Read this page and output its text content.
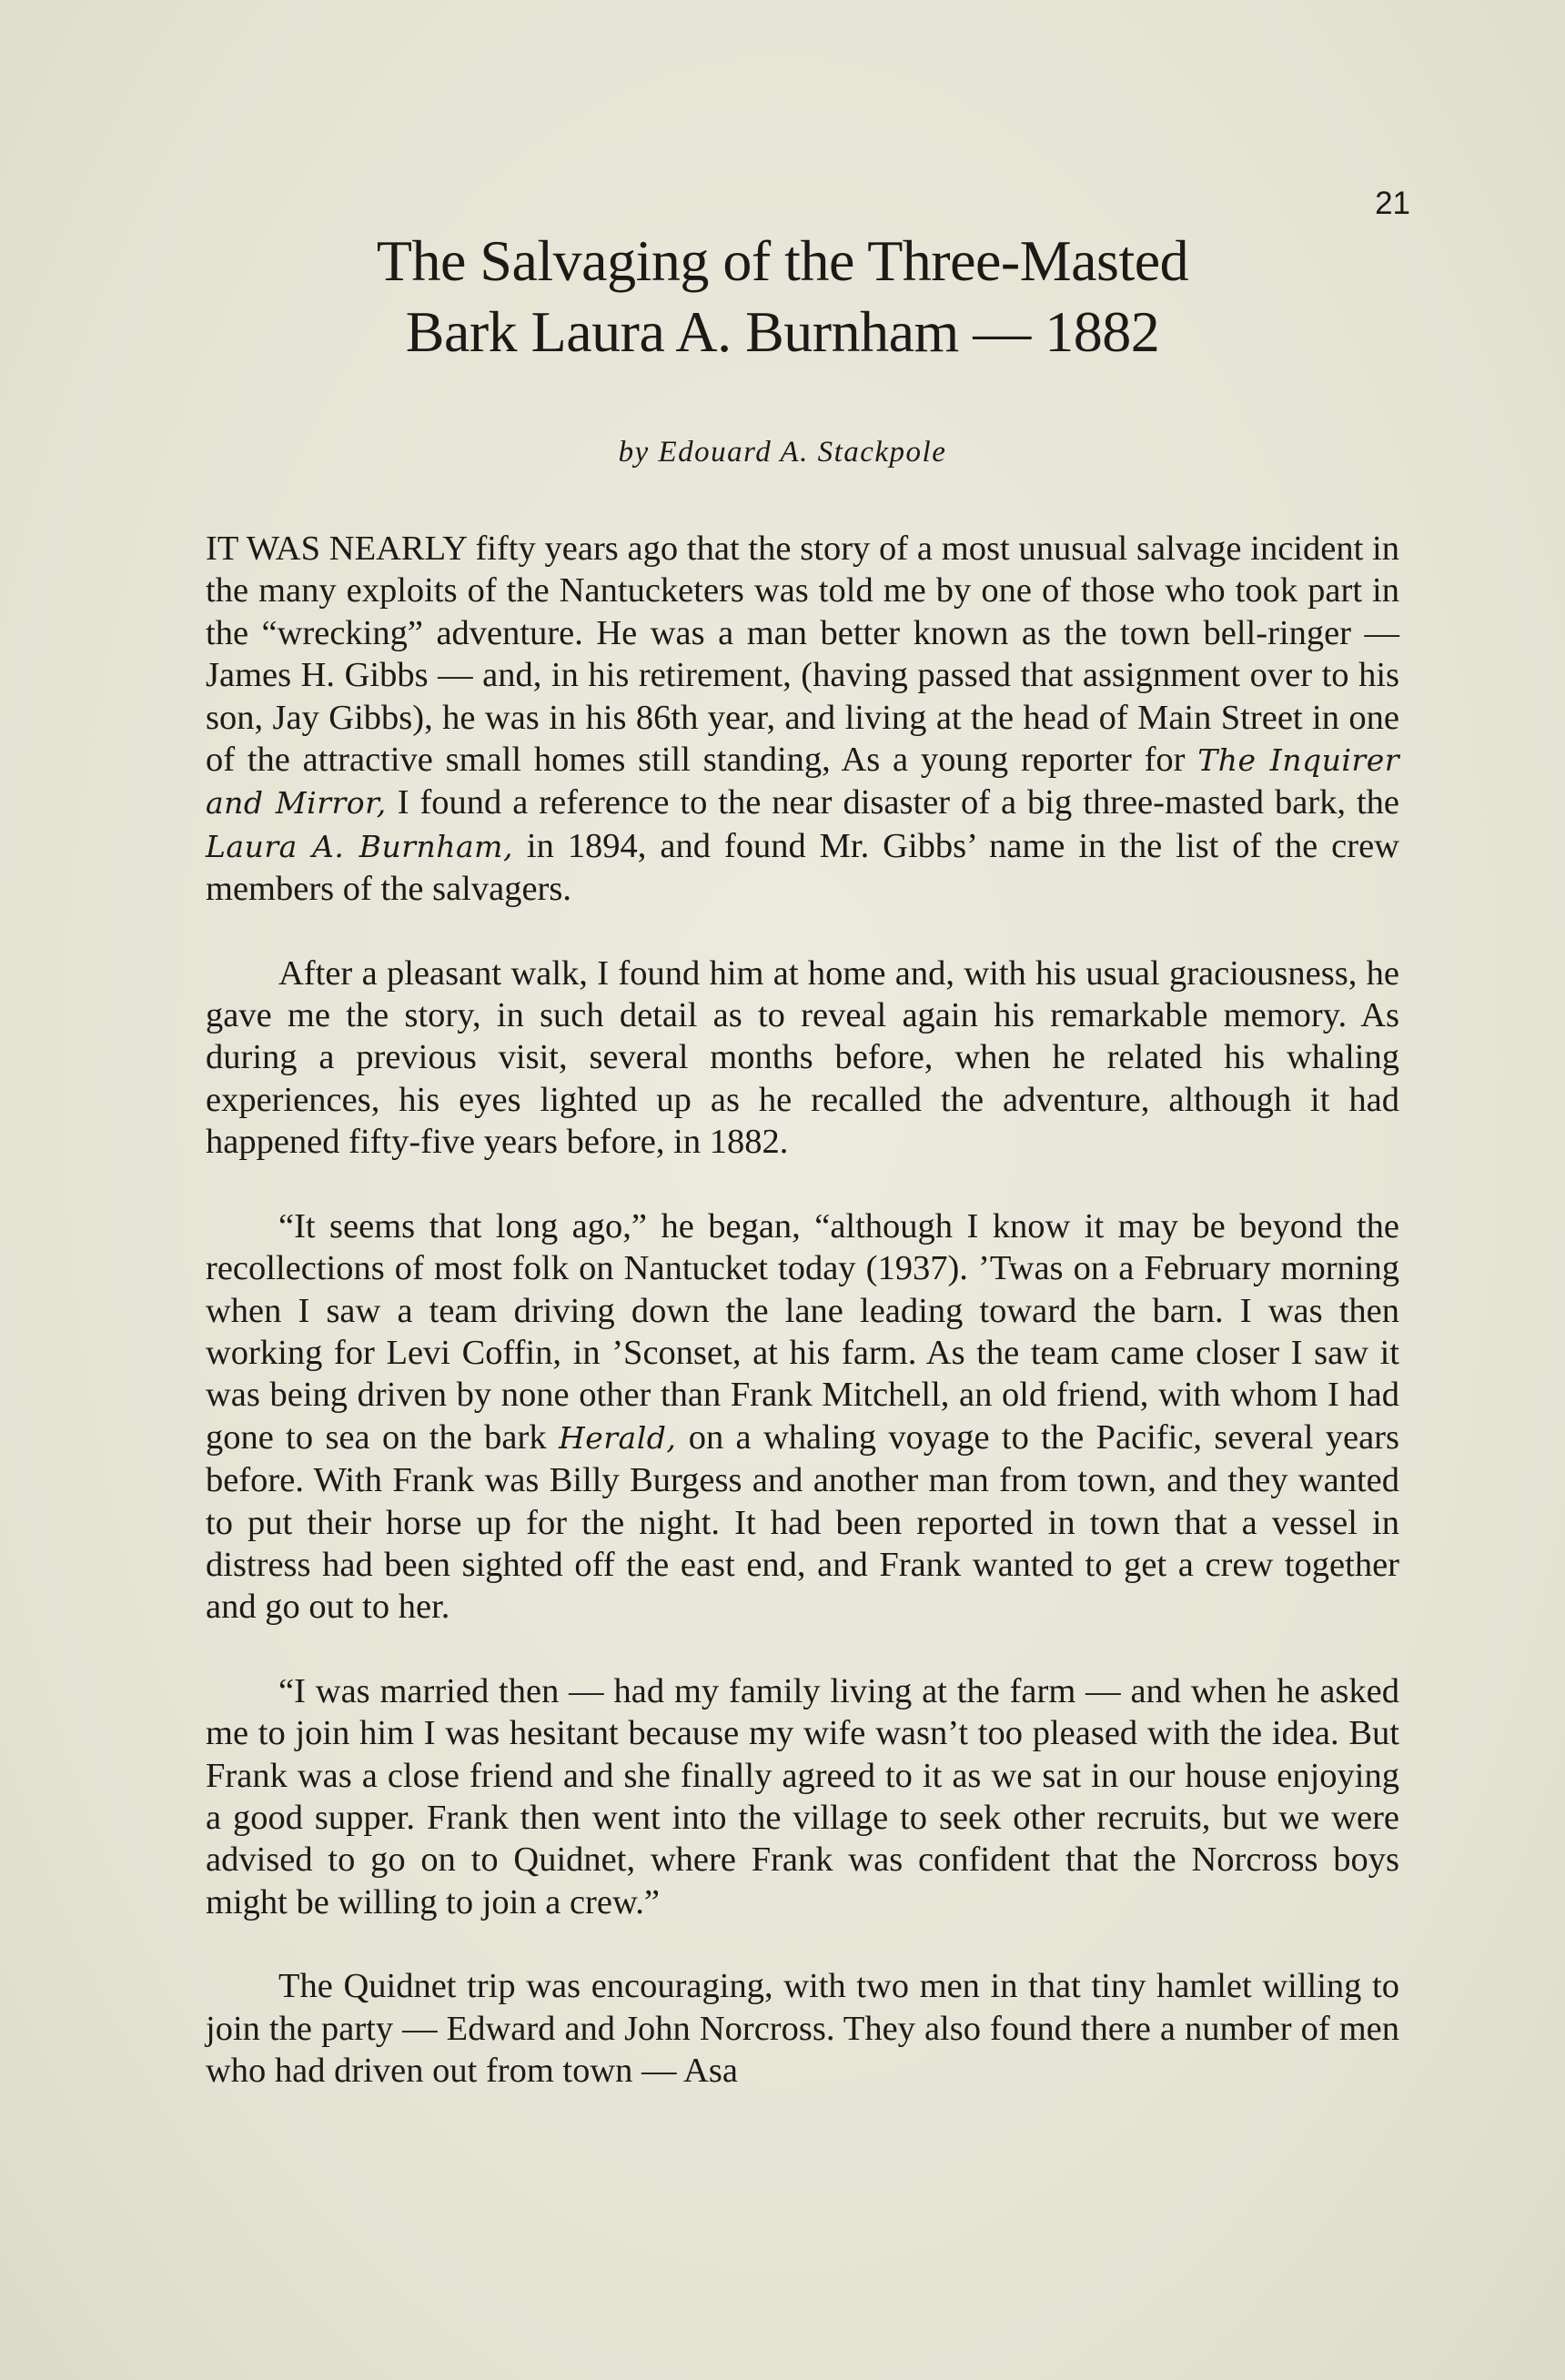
21
The Salvaging of the Three-Masted
Bark Laura A. Burnham — 1882
by Edouard A. Stackpole

IT WAS NEARLY fifty years ago that the story of a most unusual salvage incident in the many exploits of the Nantucketers was told me by one of those who took part in the “wrecking” adventure. He was a man better known as the town bell-ringer — James H. Gibbs — and, in his retirement, (having passed that assignment over to his son, Jay Gibbs), he was in his 86th year, and living at the head of Main Street in one of the attractive small homes still standing, As a young reporter for The Inquirer and Mirror, I found a reference to the near disaster of a big three-masted bark, the Laura A. Burnham, in 1894, and found Mr. Gibbs’ name in the list of the crew members of the salvagers.

After a pleasant walk, I found him at home and, with his usual graciousness, he gave me the story, in such detail as to reveal again his remarkable memory. As during a previous visit, several months before, when he related his whaling experiences, his eyes lighted up as he recalled the adventure, although it had happened fifty-five years before, in 1882.

“It seems that long ago,” he began, “although I know it may be beyond the recollections of most folk on Nantucket today (1937). ’Twas on a February morning when I saw a team driving down the lane leading toward the barn. I was then working for Levi Coffin, in ’Sconset, at his farm. As the team came closer I saw it was being driven by none other than Frank Mitchell, an old friend, with whom I had gone to sea on the bark Herald, on a whaling voyage to the Pacific, several years before. With Frank was Billy Burgess and another man from town, and they wanted to put their horse up for the night. It had been reported in town that a vessel in distress had been sighted off the east end, and Frank wanted to get a crew together and go out to her.

“I was married then — had my family living at the farm — and when he asked me to join him I was hesitant because my wife wasn’t too pleased with the idea. But Frank was a close friend and she finally agreed to it as we sat in our house enjoying a good supper. Frank then went into the village to seek other recruits, but we were advised to go on to Quidnet, where Frank was confident that the Norcross boys might be willing to join a crew.”

The Quidnet trip was encouraging, with two men in that tiny hamlet willing to join the party — Edward and John Norcross. They also found there a number of men who had driven out from town — Asa
